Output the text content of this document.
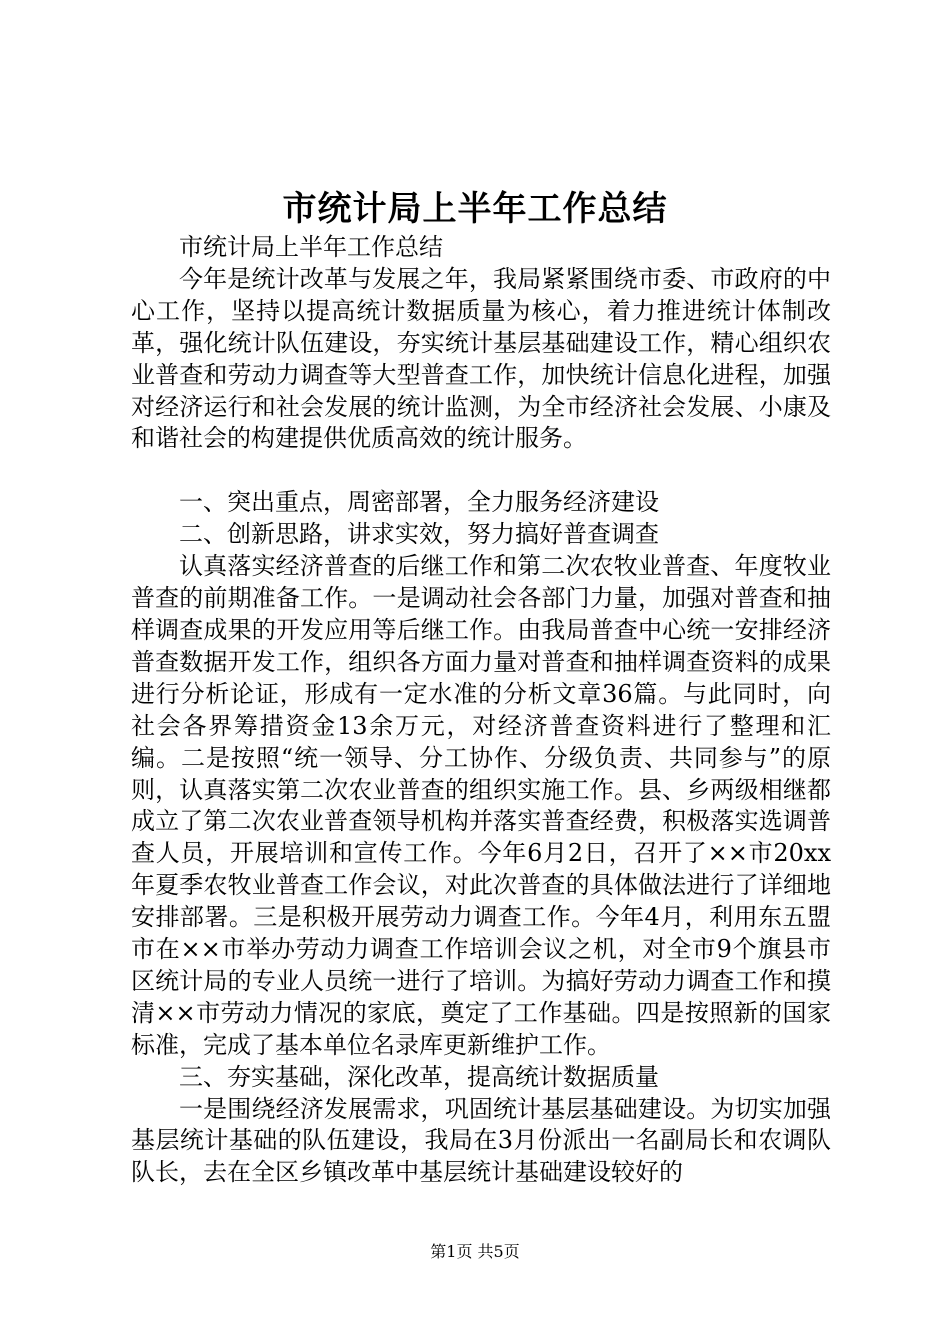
市统计局上半年工作总结

市统计局上半年工作总结

今年是统计改革与发展之年，我局紧紧围绕市委、市政府的中心工作，坚持以提高统计数据质量为核心，着力推进统计体制改革，强化统计队伍建设，夯实统计基层基础建设工作，精心组织农业普查和劳动力调查等大型普查工作，加快统计信息化进程，加强对经济运行和社会发展的统计监测，为全市经济社会发展、小康及和谐社会的构建提供优质高效的统计服务。

一、突出重点，周密部署，全力服务经济建设

二、创新思路，讲求实效，努力搞好普查调查

认真落实经济普查的后继工作和第二次农牧业普查、年度牧业普查的前期准备工作。一是调动社会各部门力量，加强对普查和抽样调查成果的开发应用等后继工作。由我局普查中心统一安排经济普查数据开发工作，组织各方面力量对普查和抽样调查资料的成果进行分析论证，形成有一定水准的分析文章36篇。与此同时，向社会各界筹措资金13余万元，对经济普查资料进行了整理和汇编。二是按照“统一领导、分工协作、分级负责、共同参与”的原则，认真落实第二次农业普查的组织实施工作。县、乡两级相继都成立了第二次农业普查领导机构并落实普查经费，积极落实选调普查人员，开展培训和宣传工作。今年6月2日，召开了××市20xx年夏季农牧业普查工作会议，对此次普查的具体做法进行了详细地安排部署。三是积极开展劳动力调查工作。今年4月，利用东五盟市在××市举办劳动力调查工作培训会议之机，对全市9个旗县市区统计局的专业人员统一进行了培训。为搞好劳动力调查工作和摸清××市劳动力情况的家底，奠定了工作基础。四是按照新的国家标准，完成了基本单位名录库更新维护工作。

三、夯实基础，深化改革，提高统计数据质量

一是围绕经济发展需求，巩固统计基层基础建设。为切实加强基层统计基础的队伍建设，我局在3月份派出一名副局长和农调队队长，去在全区乡镇改革中基层统计基础建设较好的

第1页 共5页
